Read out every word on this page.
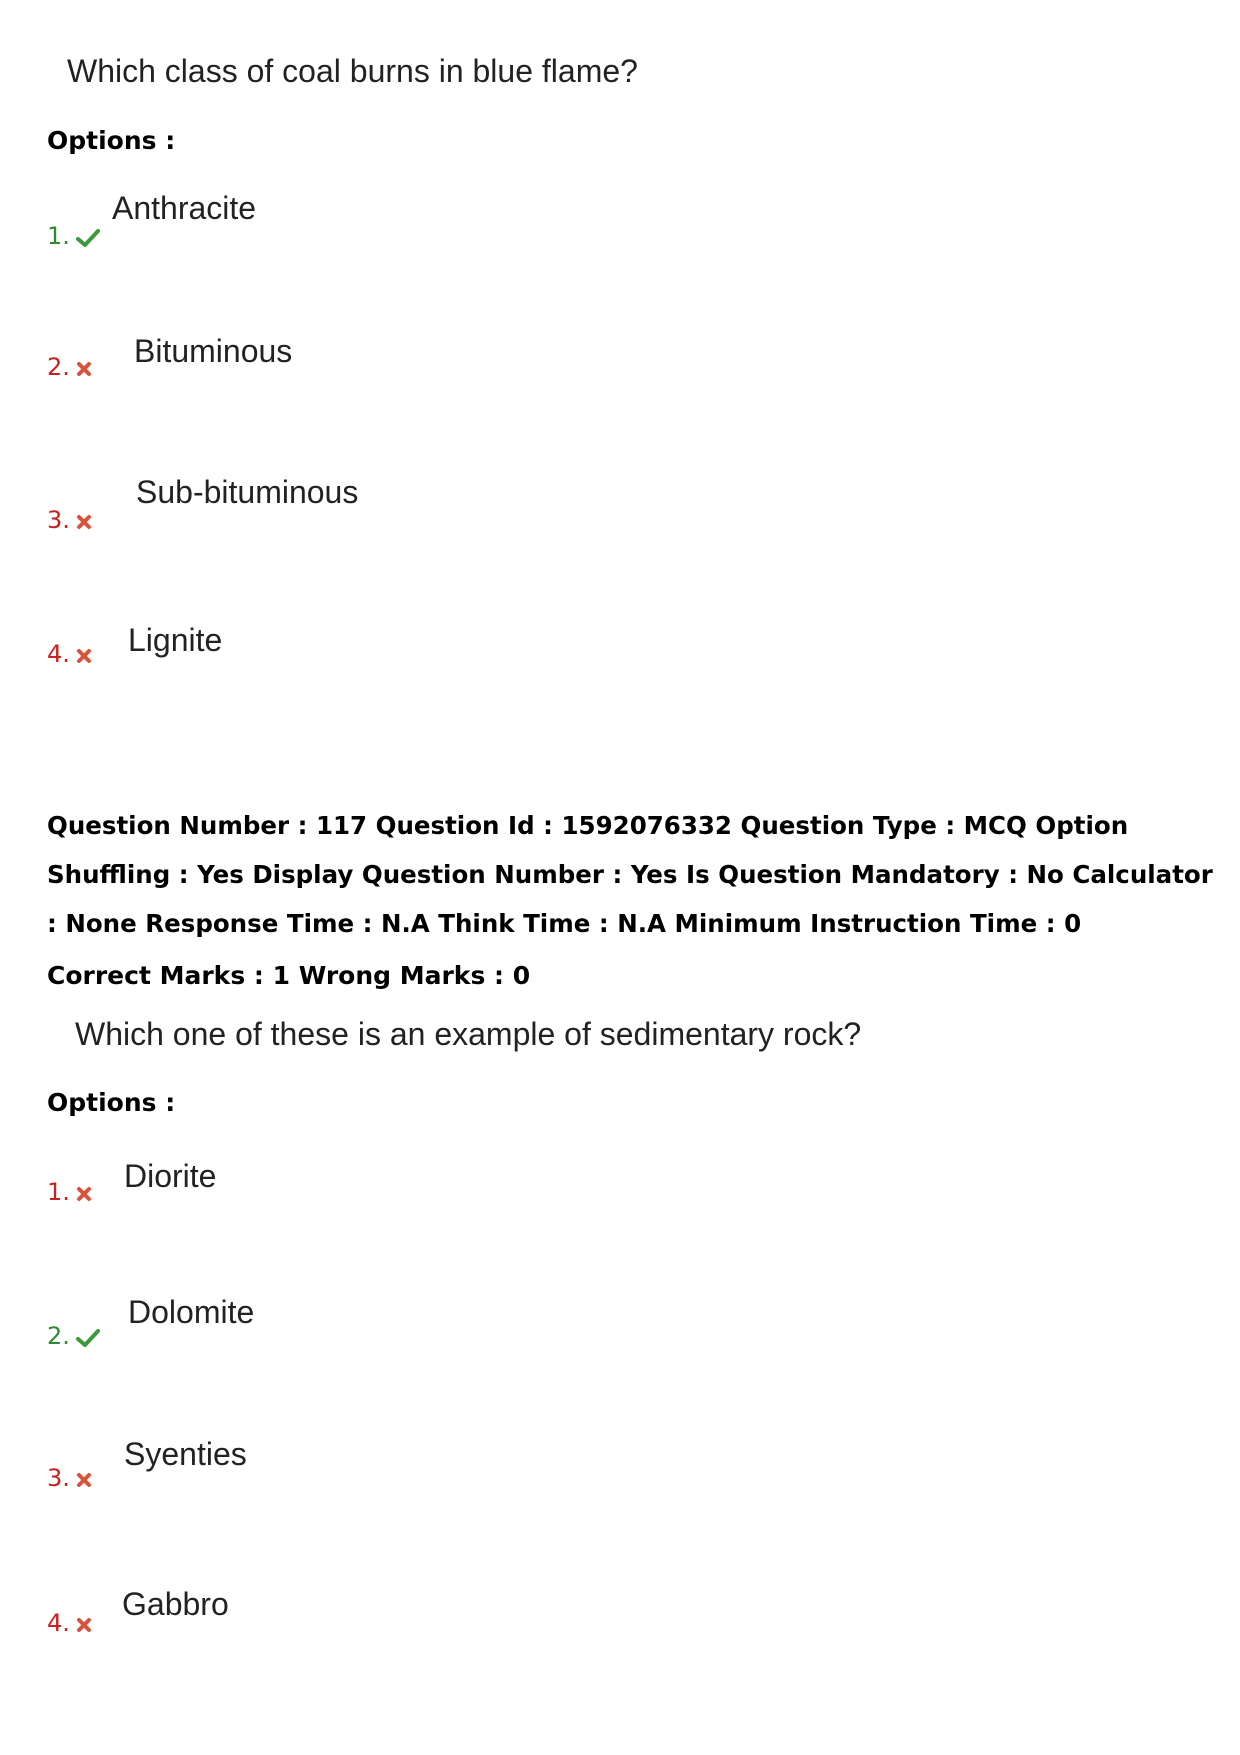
Which class of coal burns in blue flame?
Options :
1.
Anthracite
2.	Bituminous
3.
Sub-bituminous
4.	Lignite
Question Number : 117 Question Id : 1592076332 Question Type : MCQ Option Shuffling : Yes Display Question Number : Yes Is Question Mandatory : No Calculator : None Response Time : N.A Think Time : N.A Minimum Instruction Time : 0
Correct Marks : 1 Wrong Marks : 0
Which one of these is an example of sedimentary rock?
Options :
1.	Diorite
2.
Dolomite
3.
Syenties
4.
Gabbro
